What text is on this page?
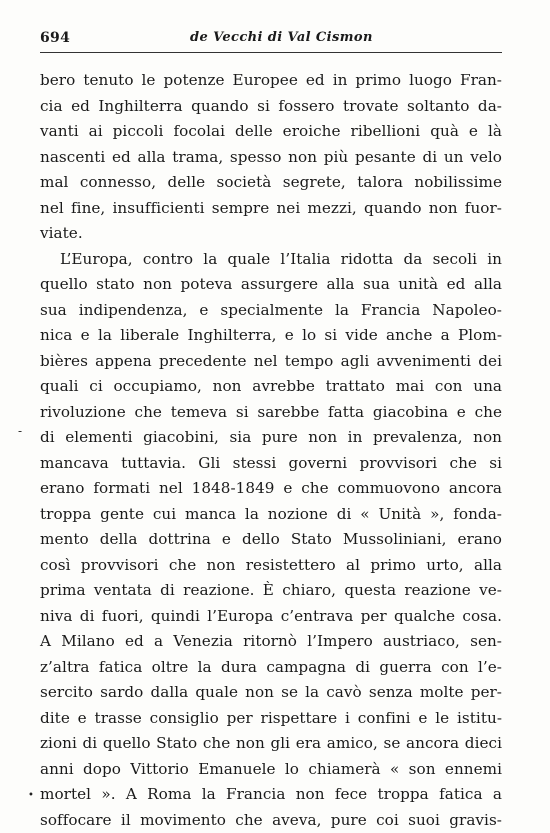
694	de Vecchi di Val Cismon
bero tenuto le potenze Europee ed in primo luogo Fran-
cia ed Inghilterra quando si fossero trovate soltanto da-
vanti ai piccoli focolai delle eroiche ribellioni quà e là
nascenti ed alla trama, spesso non più pesante di un velo
mal connesso, delle società segrete, talora nobilissime
nel fine, insufficienti sempre nei mezzi, quando non fuor-
viate.
L’Europa, contro la quale l’Italia ridotta da secoli in
quello stato non poteva assurgere alla sua unità ed alla
sua indipendenza, e specialmente la Francia Napoleo-
nica e la liberale Inghilterra, e lo si vide anche a Plom-
bières appena precedente nel tempo agli avvenimenti dei
quali ci occupiamo, non avrebbe trattato mai con una
rivoluzione che temeva si sarebbe fatta giacobina e che
di elementi giacobini, sia pure non in prevalenza, non
mancava tuttavia. Gli stessi governi provvisori che si
erano formati nel 1848-1849 e che commuovono ancora
troppa gente cui manca la nozione di « Unità », fonda-
mento della dottrina e dello Stato Mussoliniani, erano
così provvisori che non resistettero al primo urto, alla
prima ventata di reazione. È chiaro, questa reazione ve-
niva di fuori, quindi l’Europa c’entrava per qualche cosa.
A Milano ed a Venezia ritornò l’Impero austriaco, sen-
z’altra fatica oltre la dura campagna di guerra con l’e-
sercito sardo dalla quale non se la cavò senza molte per-
dite e trasse consiglio per rispettare i confini e le istitu-
zioni di quello Stato che non gli era amico, se ancora dieci
anni dopo Vittorio Emanuele lo chiamerà « son ennemi
mortel ». A Roma la Francia non fece troppa fatica a
soffocare il movimento che aveva, pure coi suoi gravis-
-
•
